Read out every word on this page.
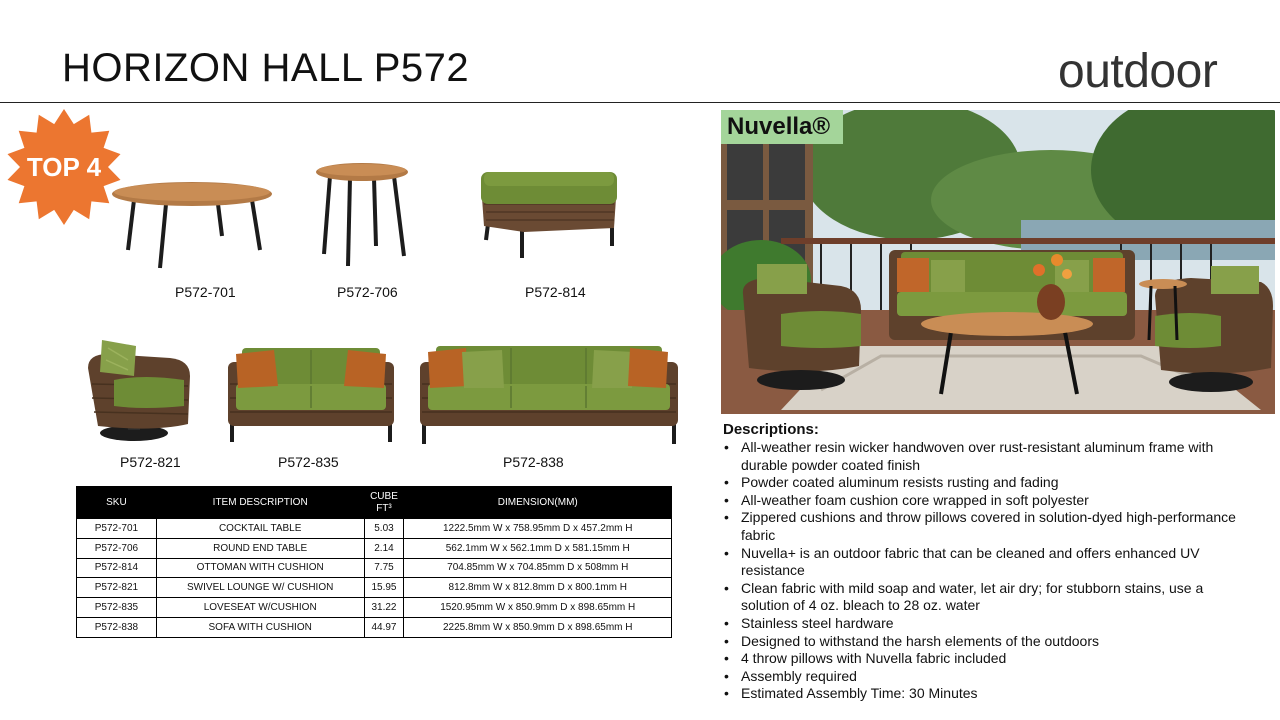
HORIZON HALL P572	outdoor
TOP 4
P572-701	P572-706	P572-814
P572-821	P572-835	P572-838
SKU	ITEM DESCRIPTION	CUBE FT³	DIMENSION(MM)
P572-701	COCKTAIL TABLE	5.03	1222.5mm W x 758.95mm D x 457.2mm H
P572-706	ROUND END TABLE	2.14	562.1mm W x 562.1mm D x 581.15mm H
P572-814	OTTOMAN WITH CUSHION	7.75	704.85mm W x 704.85mm D x 508mm H
P572-821	SWIVEL LOUNGE W/ CUSHION	15.95	812.8mm W x 812.8mm D x 800.1mm H
P572-835	LOVESEAT W/CUSHION	31.22	1520.95mm W x 850.9mm D x 898.65mm H
P572-838	SOFA WITH CUSHION	44.97	2225.8mm W x 850.9mm D x 898.65mm H
Nuvella®
Descriptions:
• All-weather resin wicker handwoven over rust-resistant aluminum frame with durable powder coated finish
• Powder coated aluminum resists rusting and fading
• All-weather foam cushion core wrapped in soft polyester
• Zippered cushions and throw pillows covered in solution-dyed high-performance fabric
• Nuvella+ is an outdoor fabric that can be cleaned and offers enhanced UV resistance
• Clean fabric with mild soap and water, let air dry; for stubborn stains, use a solution of 4 oz. bleach to 28 oz. water
• Stainless steel hardware
• Designed to withstand the harsh elements of the outdoors
• 4 throw pillows with Nuvella fabric included
• Assembly required
• Estimated Assembly Time: 30 Minutes
